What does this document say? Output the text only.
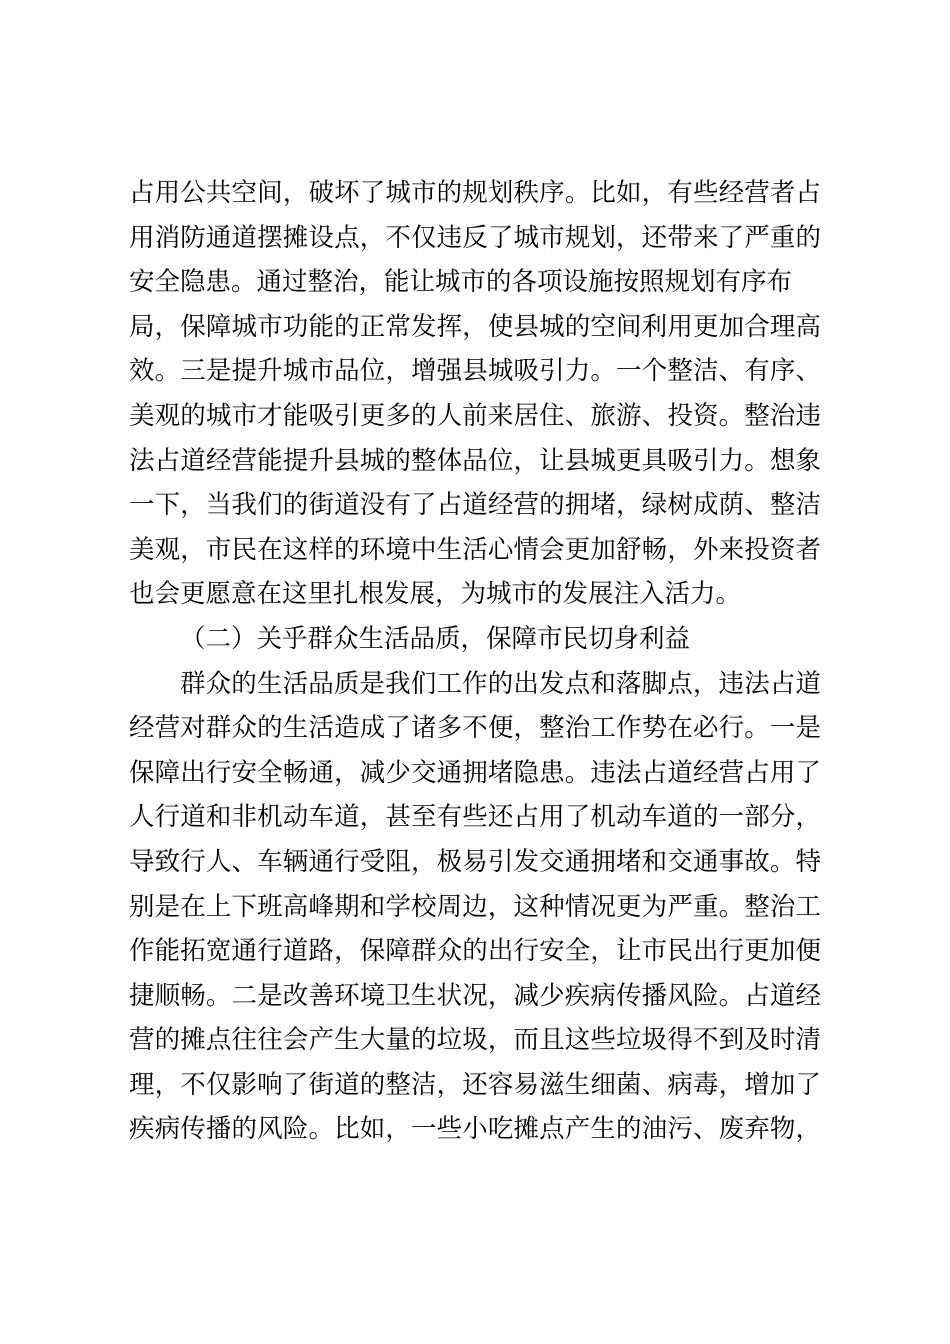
占用公共空间，破坏了城市的规划秩序。比如，有些经营者占
用消防通道摆摊设点，不仅违反了城市规划，还带来了严重的
安全隐患。通过整治，能让城市的各项设施按照规划有序布
局，保障城市功能的正常发挥，使县城的空间利用更加合理高
效。三是提升城市品位，增强县城吸引力。一个整洁、有序、
美观的城市才能吸引更多的人前来居住、旅游、投资。整治违
法占道经营能提升县城的整体品位，让县城更具吸引力。想象
一下，当我们的街道没有了占道经营的拥堵，绿树成荫、整洁
美观，市民在这样的环境中生活心情会更加舒畅，外来投资者
也会更愿意在这里扎根发展，为城市的发展注入活力。
（二）关乎群众生活品质，保障市民切身利益
群众的生活品质是我们工作的出发点和落脚点，违法占道
经营对群众的生活造成了诸多不便，整治工作势在必行。一是
保障出行安全畅通，减少交通拥堵隐患。违法占道经营占用了
人行道和非机动车道，甚至有些还占用了机动车道的一部分，
导致行人、车辆通行受阻，极易引发交通拥堵和交通事故。特
别是在上下班高峰期和学校周边，这种情况更为严重。整治工
作能拓宽通行道路，保障群众的出行安全，让市民出行更加便
捷顺畅。二是改善环境卫生状况，减少疾病传播风险。占道经
营的摊点往往会产生大量的垃圾，而且这些垃圾得不到及时清
理，不仅影响了街道的整洁，还容易滋生细菌、病毒，增加了
疾病传播的风险。比如，一些小吃摊点产生的油污、废弃物，
